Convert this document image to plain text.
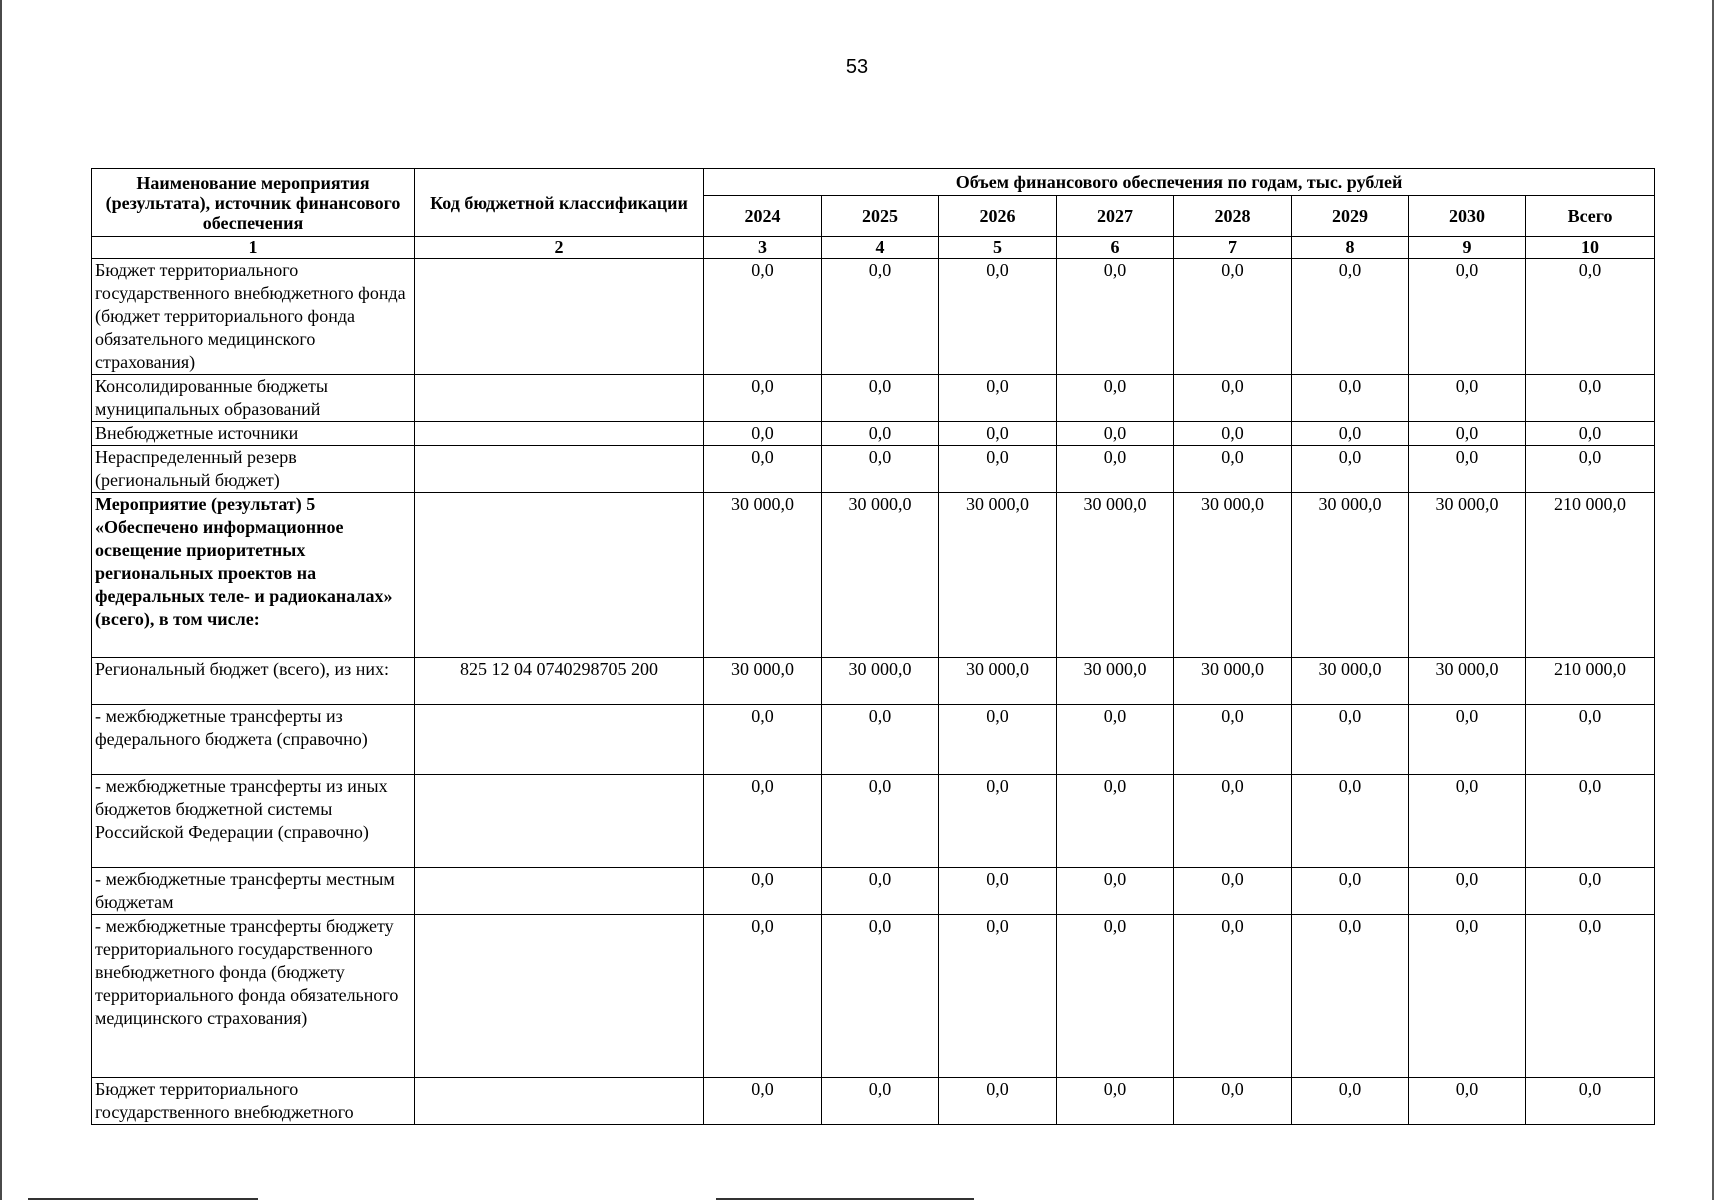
53
Наименование мероприятия (результата), источник финансового обеспечения	Код бюджетной классификации	Объем финансового обеспечения по годам, тыс. рублей							
		2024	2025	2026	2027	2028	2029	2030	Всего
1	2	3	4	5	6	7	8	9	10
Бюджет территориального государственного внебюджетного фонда (бюджет территориального фонда обязательного медицинского страхования)		0,0	0,0	0,0	0,0	0,0	0,0	0,0	0,0
Консолидированные бюджеты муниципальных образований		0,0	0,0	0,0	0,0	0,0	0,0	0,0	0,0
Внебюджетные источники		0,0	0,0	0,0	0,0	0,0	0,0	0,0	0,0
Нераспределенный резерв (региональный бюджет)		0,0	0,0	0,0	0,0	0,0	0,0	0,0	0,0
Мероприятие (результат) 5 «Обеспечено информационное освещение приоритетных региональных проектов на федеральных теле- и радиоканалах» (всего), в том числе:		30 000,0	30 000,0	30 000,0	30 000,0	30 000,0	30 000,0	30 000,0	210 000,0
Региональный бюджет (всего), из них:	825 12 04 0740298705 200	30 000,0	30 000,0	30 000,0	30 000,0	30 000,0	30 000,0	30 000,0	210 000,0
- межбюджетные трансферты из федерального бюджета (справочно)		0,0	0,0	0,0	0,0	0,0	0,0	0,0	0,0
- межбюджетные трансферты из иных бюджетов бюджетной системы Российской Федерации (справочно)		0,0	0,0	0,0	0,0	0,0	0,0	0,0	0,0
- межбюджетные трансферты местным бюджетам		0,0	0,0	0,0	0,0	0,0	0,0	0,0	0,0
- межбюджетные трансферты бюджету территориального государственного внебюджетного фонда (бюджету территориального фонда обязательного медицинского страхования)		0,0	0,0	0,0	0,0	0,0	0,0	0,0	0,0
Бюджет территориального государственного внебюджетного		0,0	0,0	0,0	0,0	0,0	0,0	0,0	0,0
